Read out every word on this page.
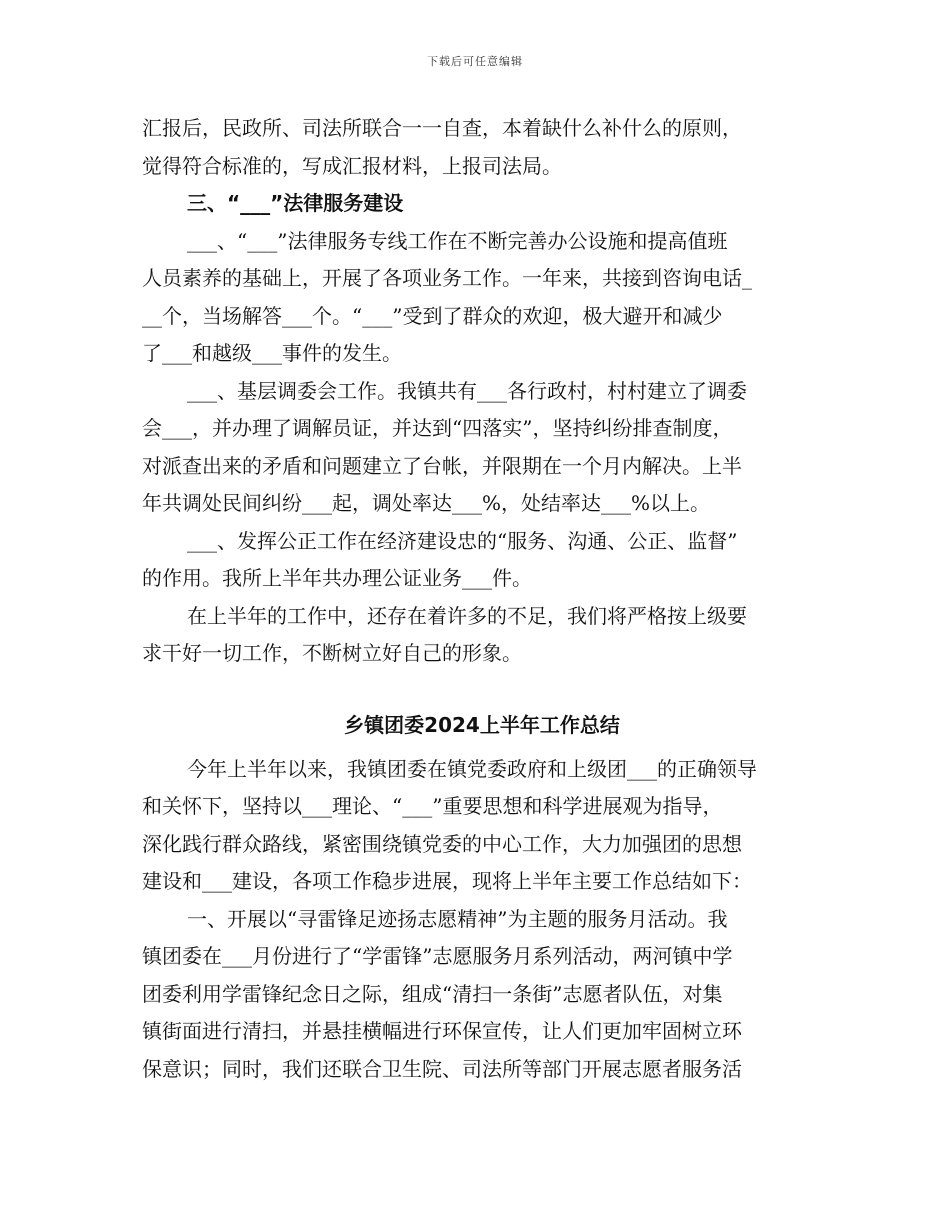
下载后可任意编辑
汇报后，民政所、司法所联合一一自查，本着缺什么补什么的原则，
觉得符合标准的，写成汇报材料，上报司法局。
三、“___”法律服务建设
___、“___”法律服务专线工作在不断完善办公设施和提高值班
人员素养的基础上，开展了各项业务工作。一年来，共接到咨询电话_
__个，当场解答___个。“___”受到了群众的欢迎，极大避开和减少
了___和越级___事件的发生。
___、基层调委会工作。我镇共有___各行政村，村村建立了调委
会___，并办理了调解员证，并达到“四落实”，坚持纠纷排查制度，
对派查出来的矛盾和问题建立了台帐，并限期在一个月内解决。上半
年共调处民间纠纷___起，调处率达___%，处结率达___%以上。
___、发挥公正工作在经济建设忠的“服务、沟通、公正、监督”
的作用。我所上半年共办理公证业务___件。
在上半年的工作中，还存在着许多的不足，我们将严格按上级要
求干好一切工作，不断树立好自己的形象。
乡镇团委2024上半年工作总结
今年上半年以来，我镇团委在镇党委政府和上级团___的正确领导
和关怀下，坚持以___理论、“___”重要思想和科学进展观为指导，
深化践行群众路线，紧密围绕镇党委的中心工作，大力加强团的思想
建设和___建设，各项工作稳步进展，现将上半年主要工作总结如下：
一、开展以“寻雷锋足迹扬志愿精神”为主题的服务月活动。我
镇团委在___月份进行了“学雷锋”志愿服务月系列活动，两河镇中学
团委利用学雷锋纪念日之际，组成“清扫一条街”志愿者队伍，对集
镇街面进行清扫，并悬挂横幅进行环保宣传，让人们更加牢固树立环
保意识；同时，我们还联合卫生院、司法所等部门开展志愿者服务活
